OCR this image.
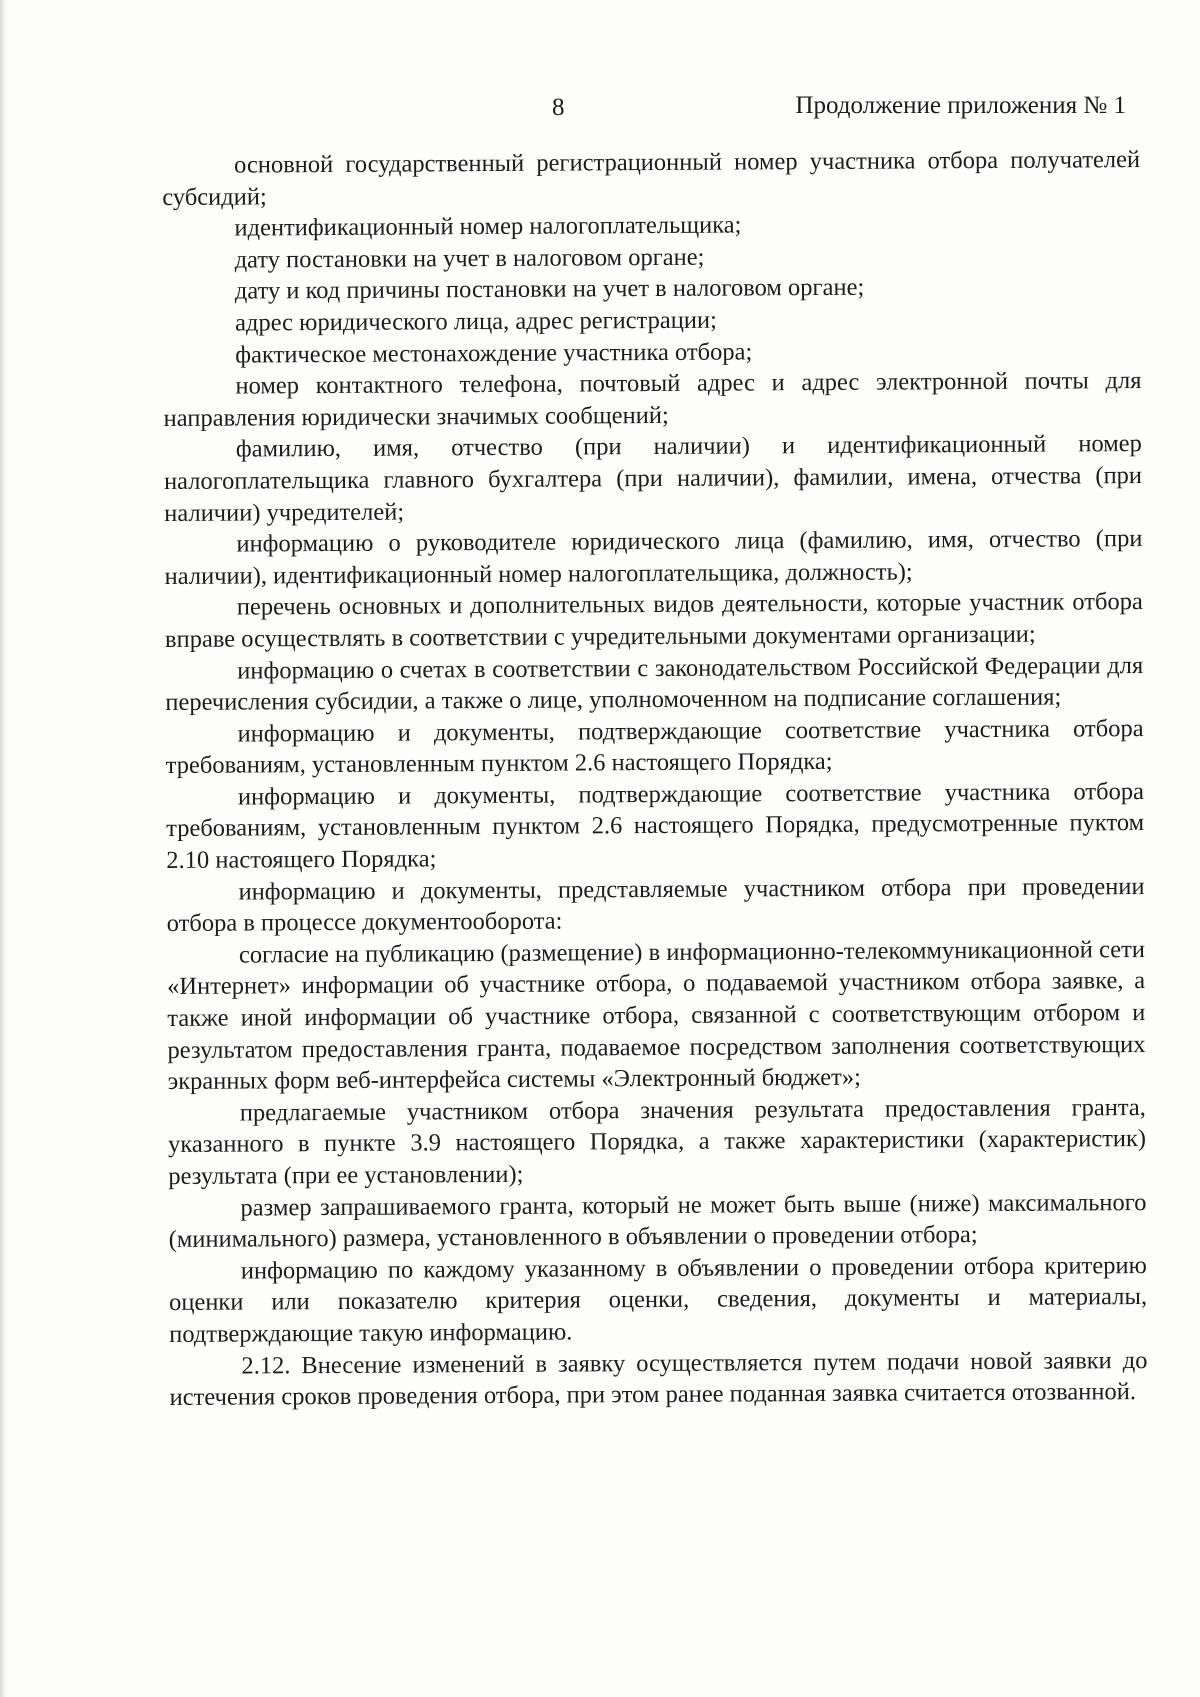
8	Продолжение приложения № 1

основной государственный регистрационный номер участника отбора получателей субсидий;

идентификационный номер налогоплательщика;

дату постановки на учет в налоговом органе;

дату и код причины постановки на учет в налоговом органе;

адрес юридического лица, адрес регистрации;

фактическое местонахождение участника отбора;

номер контактного телефона, почтовый адрес и адрес электронной почты для направления юридически значимых сообщений;

фамилию, имя, отчество (при наличии) и идентификационный номер налогоплательщика главного бухгалтера (при наличии), фамилии, имена, отчества (при наличии) учредителей;

информацию о руководителе юридического лица (фамилию, имя, отчество (при наличии), идентификационный номер налогоплательщика, должность);

перечень основных и дополнительных видов деятельности, которые участник отбора вправе осуществлять в соответствии с учредительными документами организации;

информацию о счетах в соответствии с законодательством Российской Федерации для перечисления субсидии, а также о лице, уполномоченном на подписание соглашения;

информацию и документы, подтверждающие соответствие участника отбора требованиям, установленным пунктом 2.6 настоящего Порядка;

информацию и документы, подтверждающие соответствие участника отбора требованиям, установленным пунктом 2.6 настоящего Порядка, предусмотренные пуктом 2.10 настоящего Порядка;

информацию и документы, представляемые участником отбора при проведении отбора в процессе документооборота:

согласие на публикацию (размещение) в информационно-телекоммуникационной сети «Интернет» информации об участнике отбора, о подаваемой участником отбора заявке, а также иной информации об участнике отбора, связанной с соответствующим отбором и результатом предоставления гранта, подаваемое посредством заполнения соответствующих экранных форм веб-интерфейса системы «Электронный бюджет»;

предлагаемые участником отбора значения результата предоставления гранта, указанного в пункте 3.9 настоящего Порядка, а также характеристики (характеристик) результата (при ее установлении);

размер запрашиваемого гранта, который не может быть выше (ниже) максимального (минимального) размера, установленного в объявлении о проведении отбора;

информацию по каждому указанному в объявлении о проведении отбора критерию оценки или показателю критерия оценки, сведения, документы и материалы, подтверждающие такую информацию.

2.12. Внесение изменений в заявку осуществляется путем подачи новой заявки до истечения сроков проведения отбора, при этом ранее поданная заявка считается отозванной.
